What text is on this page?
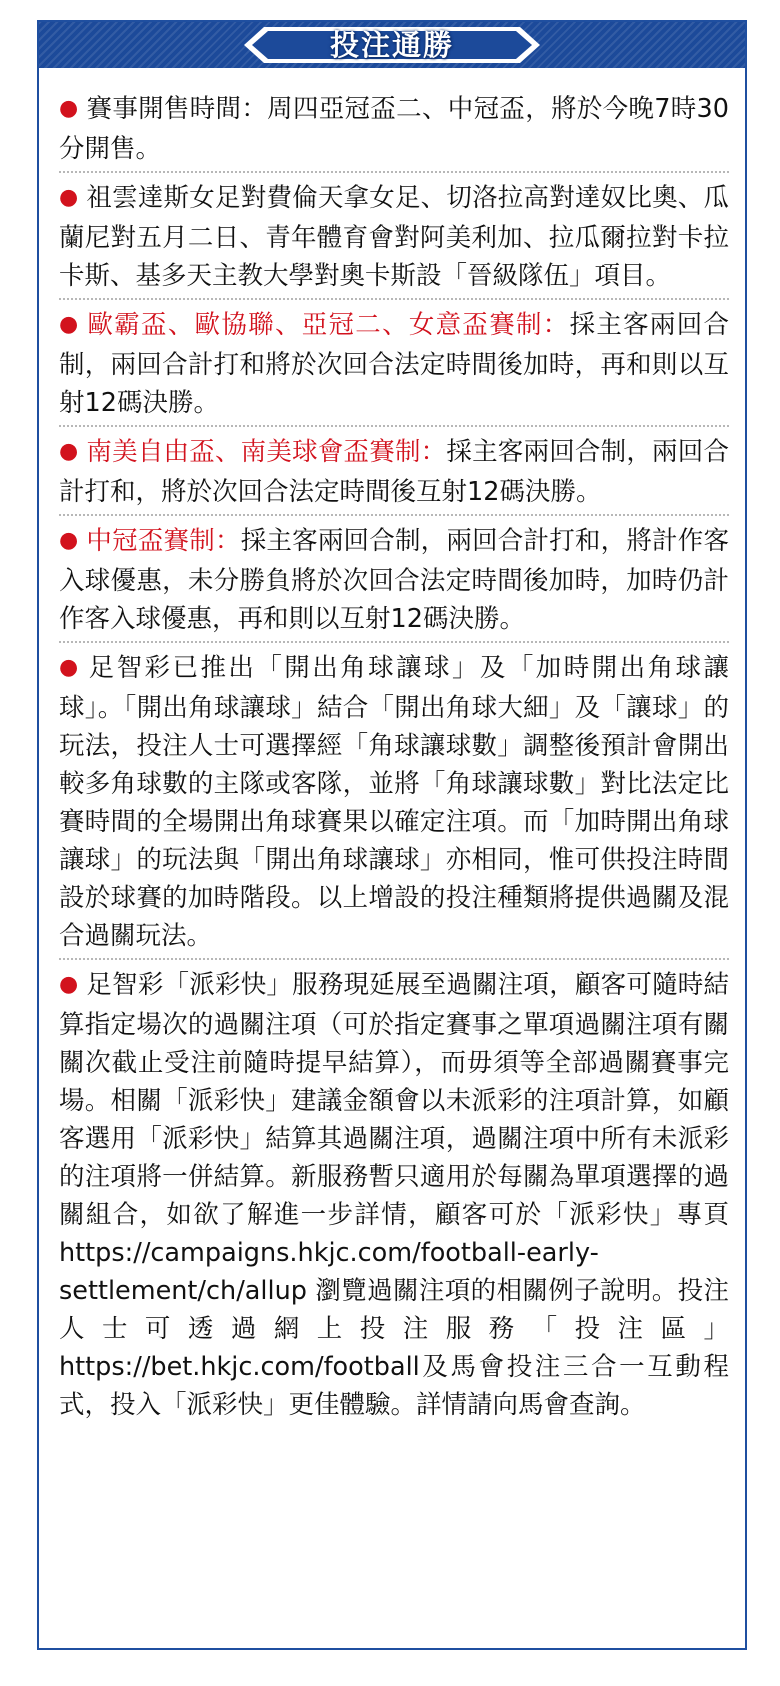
投注通勝
● 賽事開售時間：周四亞冠盃二、中冠盃，將於今晚7時30分開售。
● 祖雲達斯女足對費倫天拿女足、切洛拉高對達奴比奧、瓜蘭尼對五月二日、青年體育會對阿美利加、拉瓜爾拉對卡拉卡斯、基多天主教大學對奧卡斯設「晉級隊伍」項目。
● 歐霸盃、歐協聯、亞冠二、女意盃賽制：採主客兩回合制，兩回合計打和將於次回合法定時間後加時，再和則以互射12碼決勝。
● 南美自由盃、南美球會盃賽制：採主客兩回合制，兩回合計打和，將於次回合法定時間後互射12碼決勝。
● 中冠盃賽制：採主客兩回合制，兩回合計打和，將計作客入球優惠，未分勝負將於次回合法定時間後加時，加時仍計作客入球優惠，再和則以互射12碼決勝。
● 足智彩已推出「開出角球讓球」及「加時開出角球讓球」。「開出角球讓球」結合「開出角球大細」及「讓球」的玩法，投注人士可選擇經「角球讓球數」調整後預計會開出較多角球數的主隊或客隊，並將「角球讓球數」對比法定比賽時間的全場開出角球賽果以確定注項。而「加時開出角球讓球」的玩法與「開出角球讓球」亦相同，惟可供投注時間設於球賽的加時階段。以上增設的投注種類將提供過關及混合過關玩法。
● 足智彩「派彩快」服務現延展至過關注項，顧客可隨時結算指定場次的過關注項（可於指定賽事之單項過關注項有關關次截止受注前隨時提早結算），而毋須等全部過關賽事完場。相關「派彩快」建議金額會以未派彩的注項計算，如顧客選用「派彩快」結算其過關注項，過關注項中所有未派彩的注項將一併結算。新服務暫只適用於每關為單項選擇的過關組合，如欲了解進一步詳情，顧客可於「派彩快」專頁https://campaigns.hkjc.com/football-early-settlement/ch/allup 瀏覽過關注項的相關例子說明。投注人士可透過網上投注服務「投注區」https://bet.hkjc.com/football及馬會投注三合一互動程式，投入「派彩快」更佳體驗。詳情請向馬會查詢。
